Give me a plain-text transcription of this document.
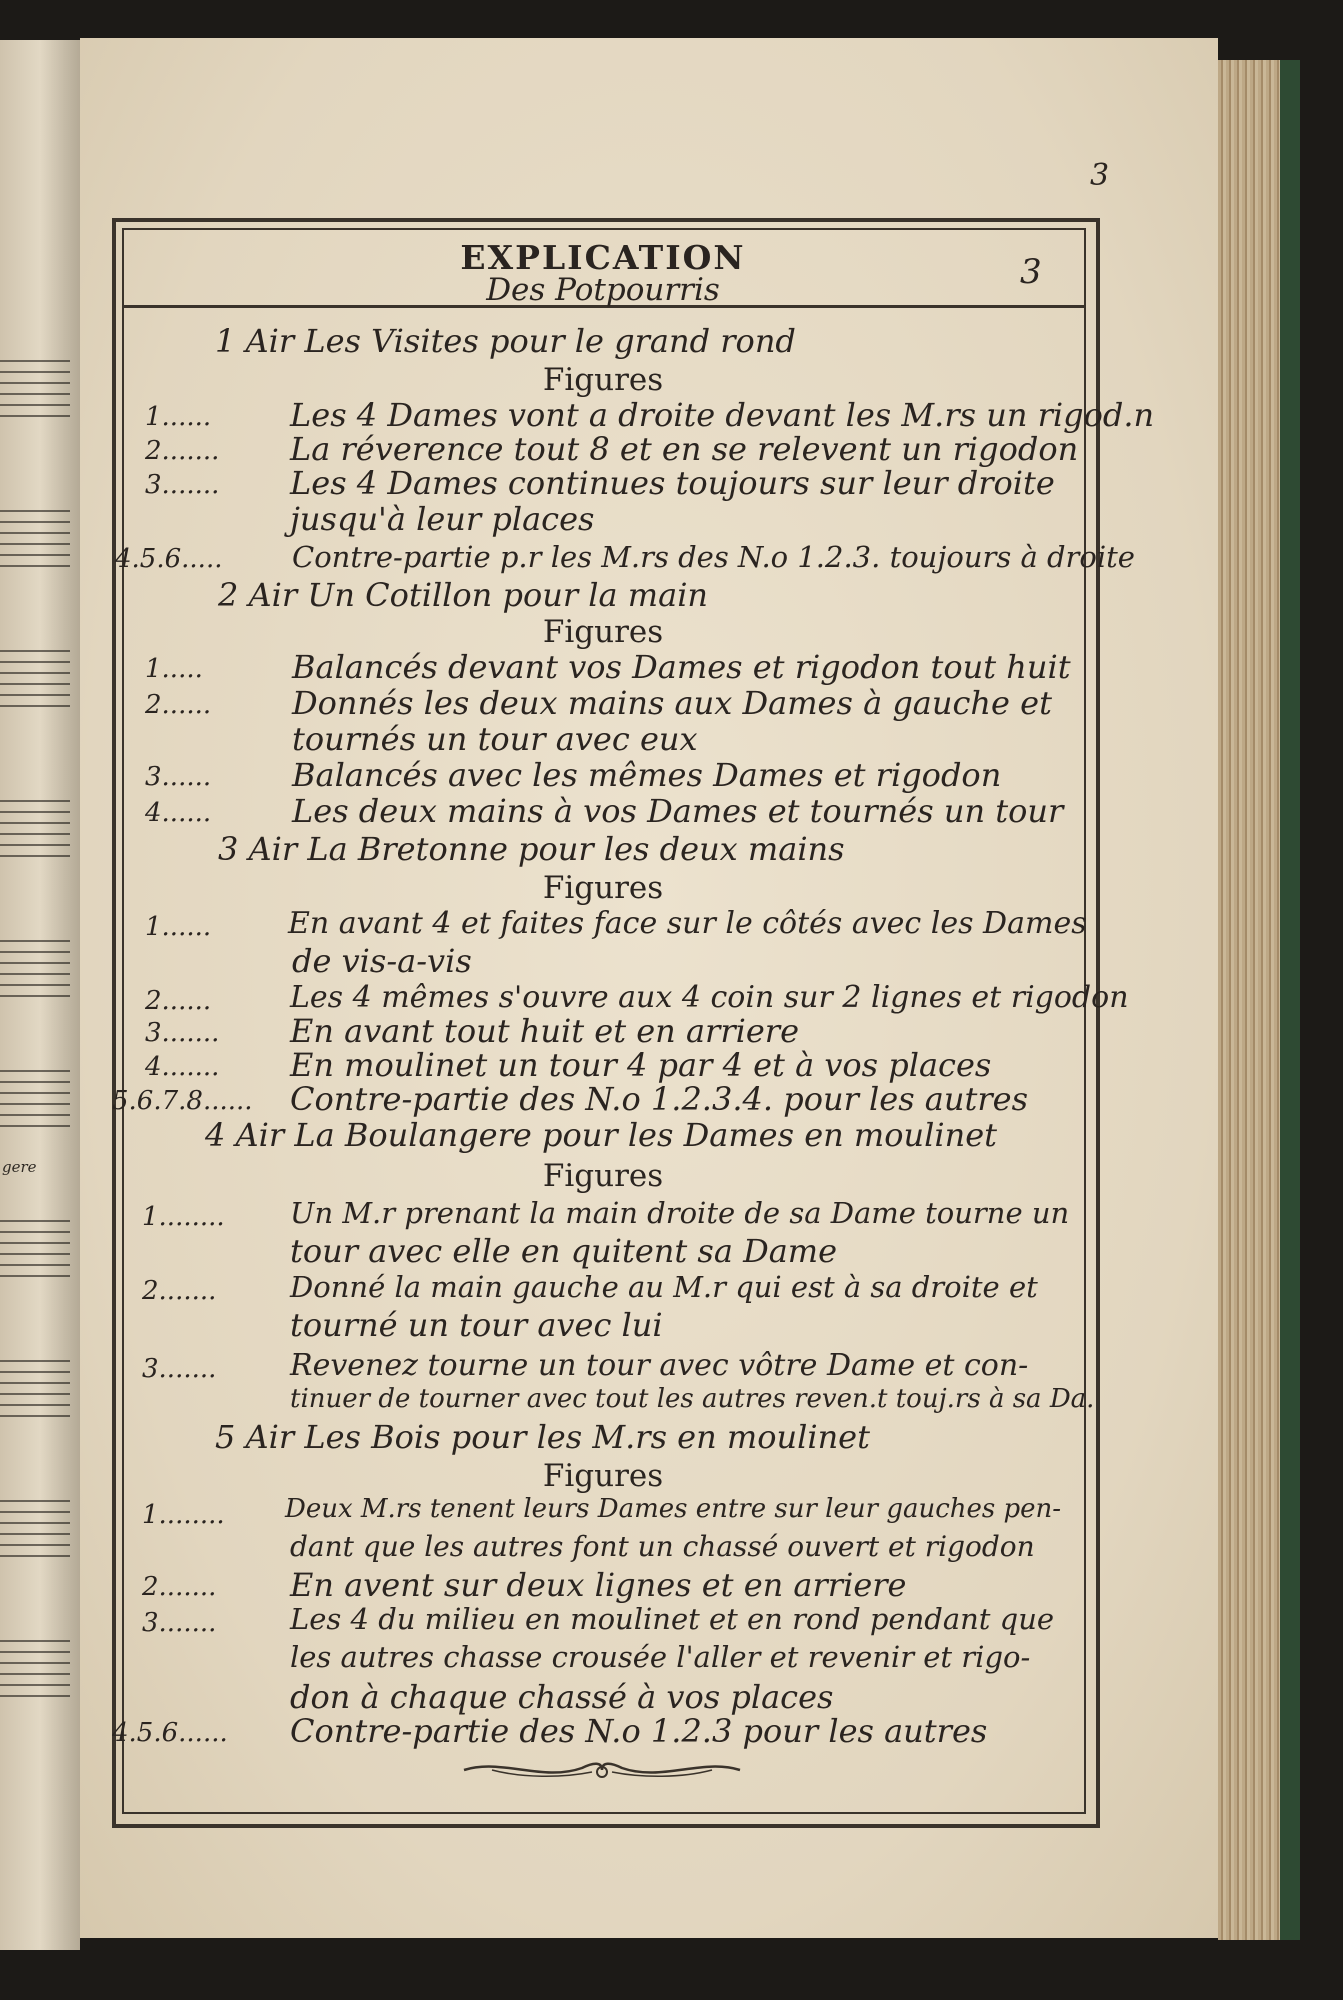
gere
3
EXPLICATION
Des Potpourris	3
1 Air Les Visites pour le grand rond
Figures
1...... Les 4 Dames vont a droite devant les M.rs un rigod.n
2....... La réverence tout 8 et en se relevent un rigodon
3....... Les 4 Dames continues toujours sur leur droite
jusqu'à leur places
4.5.6..... Contre-partie p.r les M.rs des N.o 1.2.3. toujours à droite
2 Air Un Cotillon pour la main
Figures
1.....	Balancés devant vos Dames et rigodon tout huit
2......	Donnés les deux mains aux Dames à gauche et
tournés un tour avec eux
3......	Balancés avec les mêmes Dames et rigodon
4......	Les deux mains à vos Dames et tournés un tour
3 Air La Bretonne pour les deux mains
Figures
1......	En avant 4 et faites face sur le côtés avec les Dames
de vis-a-vis
2......	Les 4 mêmes s'ouvre aux 4 coin sur 2 lignes et rigodon
3....... En avant tout huit et en arriere
4....... En moulinet un tour 4 par 4 et à vos places
5.6.7.8...... Contre-partie des N.o 1.2.3.4. pour les autres
4 Air La Boulangere pour les Dames en moulinet
Figures
1........ Un M.r prenant la main droite de sa Dame tourne un
tour avec elle en quitent sa Dame
2.......	Donné la main gauche au M.r qui est à sa droite et
tourné un tour avec lui
3....... Revenez tourne un tour avec vôtre Dame et con-
tinuer de tourner avec tout les autres reven.t touj.rs à sa Da.
5 Air Les Bois pour les M.rs en moulinet
Figures
1........ Deux M.rs tenent leurs Dames entre sur leur gauches pen-
dant que les autres font un chassé ouvert et rigodon
2....... En avent sur deux lignes et en arriere
3.......	Les 4 du milieu en moulinet et en rond pendant que
les autres chasse crousée l'aller et revenir et rigo-
don à chaque chassé à vos places
4.5.6...... Contre-partie des N.o 1.2.3 pour les autres
